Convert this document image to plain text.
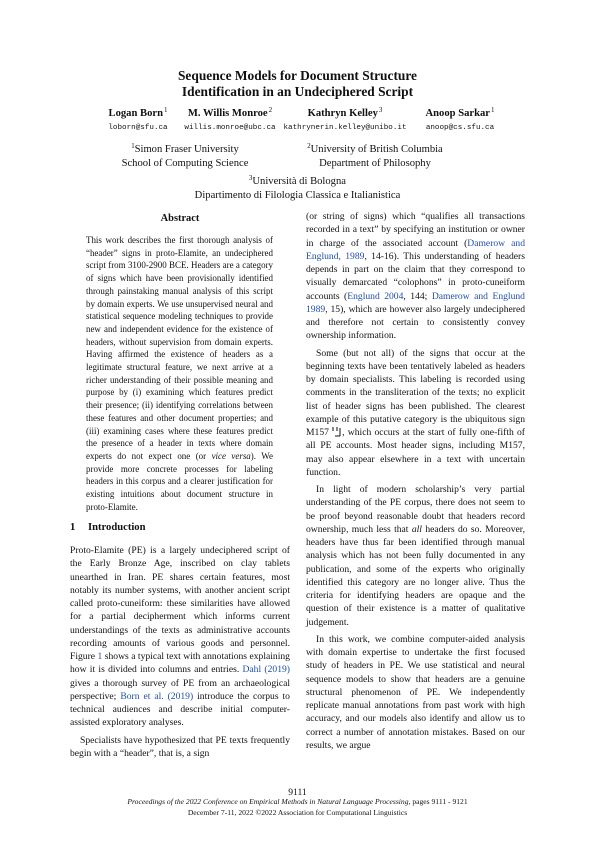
Sequence Models for Document Structure
Identification in an Undeciphered Script
Logan Born$^1$	M. Willis Monroe$^2$	Kathryn Kelley$^3$	Anoop Sarkar$^1$
loborn@sfu.ca	willis.monroe@ubc.ca	kathrynerin.kelley@unibo.it	anoop@cs.sfu.ca
$^1$Simon Fraser University
School of Computing Science
$^2$University of British Columbia
Department of Philosophy
$^3$Università di Bologna
Dipartimento di Filologia Classica e Italianistica
Abstract

This work describes the first thorough analysis of “header” signs in proto-Elamite, an undeciphered script from 3100-2900 BCE. Headers are a category of signs which have been provisionally identified through painstaking manual analysis of this script by domain experts. We use unsupervised neural and statistical sequence modeling techniques to provide new and independent evidence for the existence of headers, without supervision from domain experts. Having affirmed the existence of headers as a legitimate structural feature, we next arrive at a richer understanding of their possible meaning and purpose by (i) examining which features predict their presence; (ii) identifying correlations between these features and other document properties; and (iii) examining cases where these features predict the presence of a header in texts where domain experts do not expect one (or vice versa). We provide more concrete processes for labeling headers in this corpus and a clearer justification for existing intuitions about document structure in proto-Elamite.

1 Introduction

Proto-Elamite (PE) is a largely undeciphered script of the Early Bronze Age, inscribed on clay tablets unearthed in Iran. PE shares certain features, most notably its number systems, with another ancient script called proto-cuneiform: these similarities have allowed for a partial decipherment which informs current understandings of the texts as administrative accounts recording amounts of various goods and personnel. Figure 1 shows a typical text with annotations explaining how it is divided into columns and entries. Dahl (2019) gives a thorough survey of PE from an archaeological perspective; Born et al. (2019) introduce the corpus to technical audiences and describe initial computer-assisted exploratory analyses.

Specialists have hypothesized that PE texts frequently begin with a “header”, that is, a sign

(or string of signs) which “qualifies all transactions recorded in a text” by specifying an institution or owner in charge of the associated account (Damerow and Englund, 1989, 14-16). This understanding of headers depends in part on the claim that they correspond to visually demarcated “colophons” in proto-cuneiform accounts (Englund 2004, 144; Damerow and Englund 1989, 15), which are however also largely undeciphered and therefore not certain to consistently convey ownership information.

Some (but not all) of the signs that occur at the beginning texts have been tentatively labeled as headers by domain specialists. This labeling is recorded using comments in the transliteration of the texts; no explicit list of header signs has been published. The clearest example of this putative category is the ubiquitous sign M157 , which occurs at the start of fully one-fifth of all PE accounts. Most header signs, including M157, may also appear elsewhere in a text with uncertain function.

In light of modern scholarship’s very partial understanding of the PE corpus, there does not seem to be proof beyond reasonable doubt that headers record ownership, much less that all headers do so. Moreover, headers have thus far been identified through manual analysis which has not been fully documented in any publication, and some of the experts who originally identified this category are no longer alive. Thus the criteria for identifying headers are opaque and the question of their existence is a matter of qualitative judgement.

In this work, we combine computer-aided analysis with domain expertise to undertake the first focused study of headers in PE. We use statistical and neural sequence models to show that headers are a genuine structural phenomenon of PE. We independently replicate manual annotations from past work with high accuracy, and our models also identify and allow us to correct a number of annotation mistakes. Based on our results, we argue

9111
Proceedings of the 2022 Conference on Empirical Methods in Natural Language Processing, pages 9111 - 9121
December 7-11, 2022 ©2022 Association for Computational Linguistics
